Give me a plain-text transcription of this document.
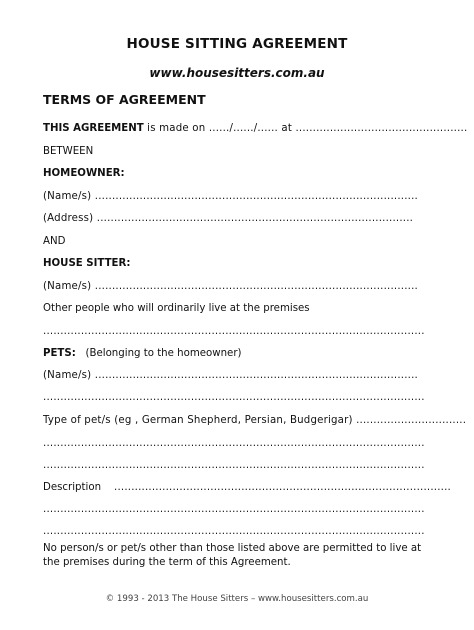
HOUSE SITTING AGREEMENT
www.housesitters.com.au
TERMS OF AGREEMENT
THIS AGREEMENT is made on ....../....../...... at ..................................................
BETWEEN
HOMEOWNER:
(Name/s) ..............................................................................................
(Address) ............................................................................................
AND
HOUSE SITTER:
(Name/s) ..............................................................................................
Other people who will ordinarily live at the premises
...............................................................................................................
PETS: (Belonging to the homeowner)
(Name/s) ..............................................................................................
...............................................................................................................
Type of pet/s (eg , German Shepherd, Persian, Budgerigar) ................................
...............................................................................................................
...............................................................................................................
Description ..................................................................................................
...............................................................................................................
...............................................................................................................
No person/s or pet/s other than those listed above are permitted to live at the premises during the term of this Agreement.
© 1993 - 2013 The House Sitters – www.housesitters.com.au
